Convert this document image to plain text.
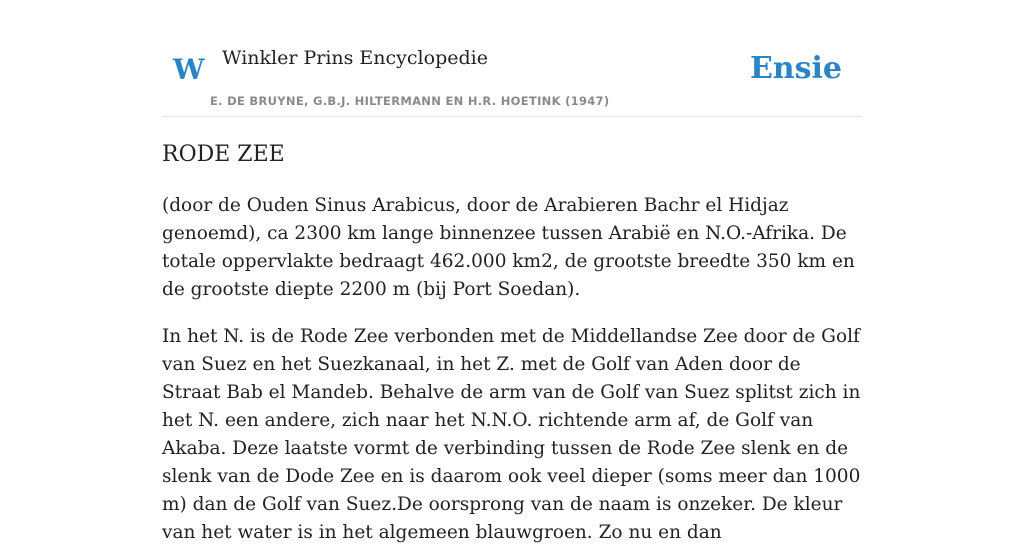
W Winkler Prins Encyclopedie
E. DE BRUYNE, G.B.J. HILTERMANN EN H.R. HOETINK (1947)
Ensie
RODE ZEE

(door de Ouden Sinus Arabicus, door de Arabieren Bachr el Hidjaz genoemd), ca 2300 km lange binnenzee tussen Arabië en N.O.-Afrika. De totale oppervlakte bedraagt 462.000 km2, de grootste breedte 350 km en de grootste diepte 2200 m (bij Port Soedan).

In het N. is de Rode Zee verbonden met de Middellandse Zee door de Golf van Suez en het Suezkanaal, in het Z. met de Golf van Aden door de Straat Bab el Mandeb. Behalve de arm van de Golf van Suez splitst zich in het N. een andere, zich naar het N.N.O. richtende arm af, de Golf van Akaba. Deze laatste vormt de verbinding tussen de Rode Zee slenk en de slenk van de Dode Zee en is daarom ook veel dieper (soms meer dan 1000 m) dan de Golf van Suez.De oorsprong van de naam is onzeker. De kleur van het water is in het algemeen blauwgroen. Zo nu en dan
